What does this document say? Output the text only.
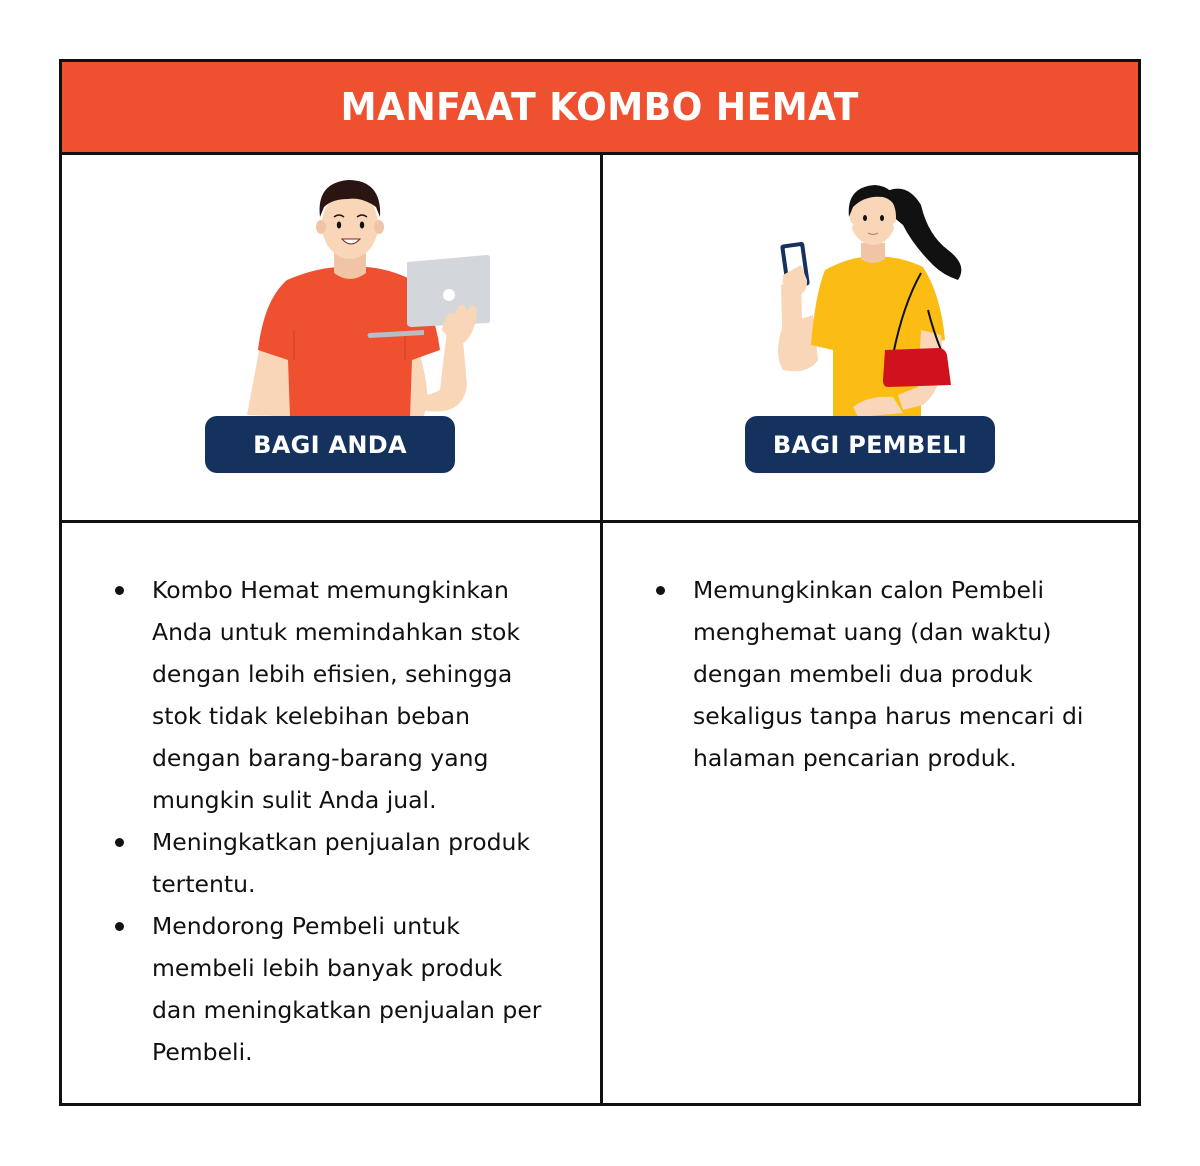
MANFAAT KOMBO HEMAT
BAGI ANDA	BAGI PEMBELI
Kombo Hemat memungkinkan Anda untuk memindahkan stok dengan lebih efisien, sehingga stok tidak kelebihan beban dengan barang-barang yang mungkin sulit Anda jual.
Meningkatkan penjualan produk tertentu.
Mendorong Pembeli untuk membeli lebih banyak produk dan meningkatkan penjualan per Pembeli.
Memungkinkan calon Pembeli menghemat uang (dan waktu) dengan membeli dua produk sekaligus tanpa harus mencari di halaman pencarian produk.
